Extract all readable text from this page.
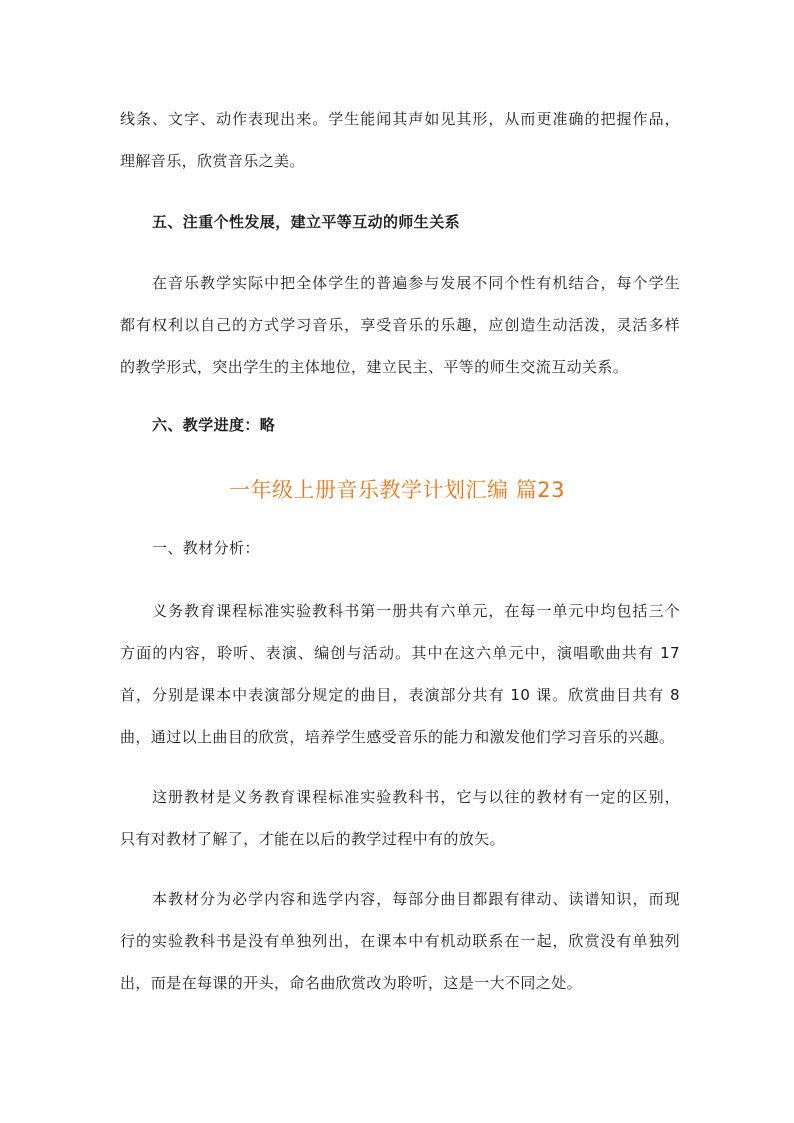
线条、文字、动作表现出来。学生能闻其声如见其形，从而更准确的把握作品，
理解音乐，欣赏音乐之美。

五、注重个性发展，建立平等互动的师生关系

在音乐教学实际中把全体学生的普遍参与发展不同个性有机结合，每个学生
都有权利以自己的方式学习音乐，享受音乐的乐趣，应创造生动活泼，灵活多样
的教学形式，突出学生的主体地位，建立民主、平等的师生交流互动关系。

六、教学进度：略

一年级上册音乐教学计划汇编 篇23

一、教材分析：

义务教育课程标准实验教科书第一册共有六单元，在每一单元中均包括三个
方面的内容，聆听、表演、编创与活动。其中在这六单元中，演唱歌曲共有 17
首，分别是课本中表演部分规定的曲目，表演部分共有 10 课。欣赏曲目共有 8
曲，通过以上曲目的欣赏，培养学生感受音乐的能力和激发他们学习音乐的兴趣。
这册教材是义务教育课程标准实验教科书，它与以往的教材有一定的区别，
只有对教材了解了，才能在以后的教学过程中有的放矢。
本教材分为必学内容和选学内容，每部分曲目都跟有律动、读谱知识，而现
行的实验教科书是没有单独列出，在课本中有机动联系在一起，欣赏没有单独列
出，而是在每课的开头，命名曲欣赏改为聆听，这是一大不同之处。
